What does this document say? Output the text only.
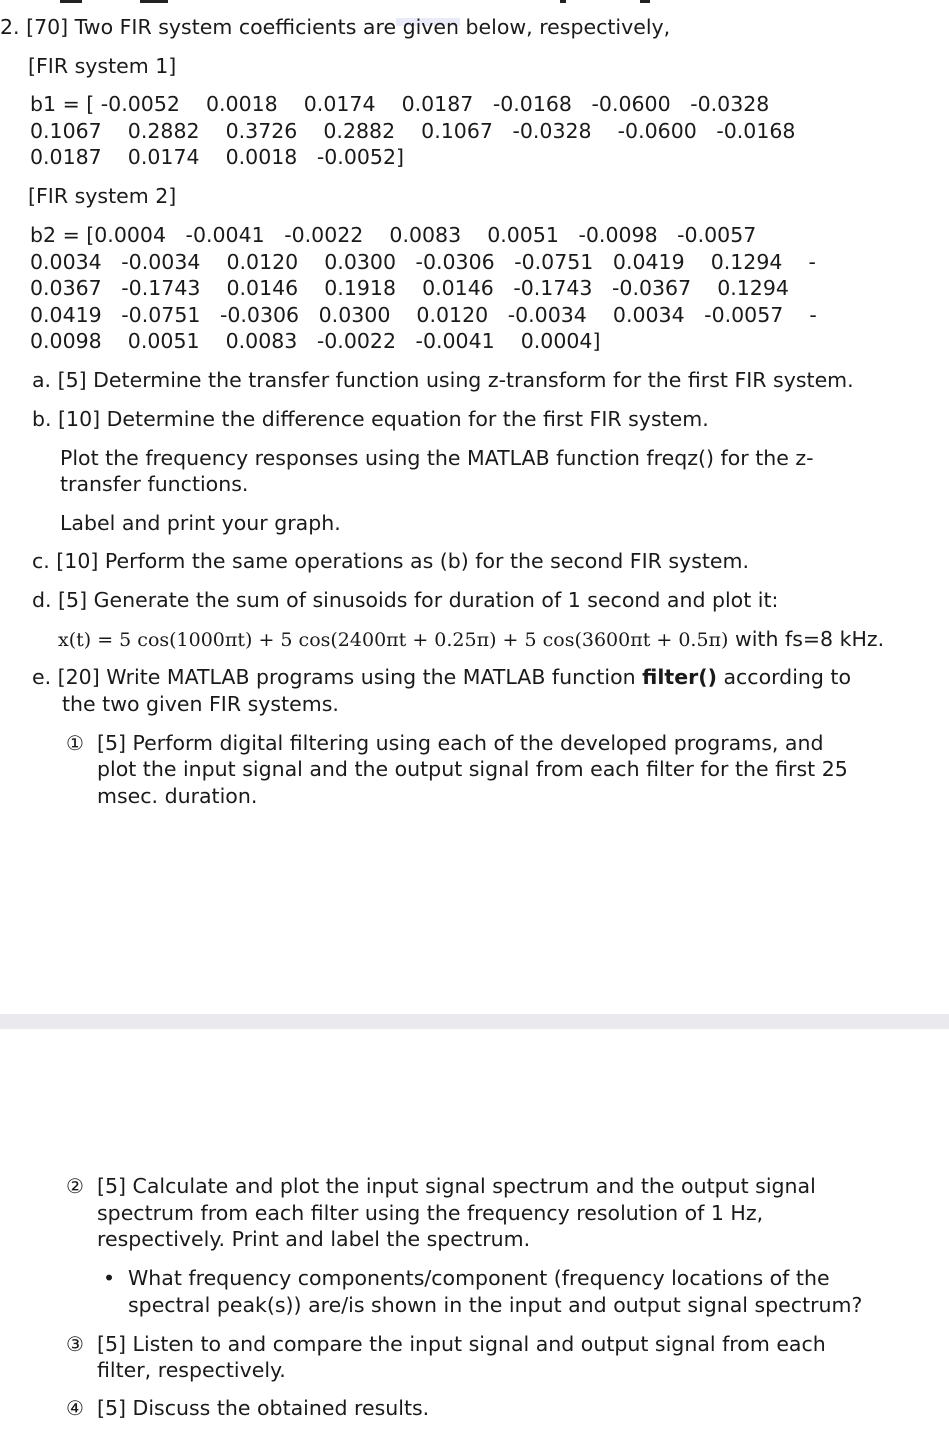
2. [70] Two FIR system coefficients are given below, respectively,
[FIR system 1]
b1 = [ -0.0052    0.0018    0.0174    0.0187   -0.0168   -0.0600   -0.0328
0.1067    0.2882    0.3726    0.2882    0.1067   -0.0328    -0.0600   -0.0168
0.0187    0.0174    0.0018   -0.0052]
[FIR system 2]
b2 = [0.0004   -0.0041   -0.0022    0.0083    0.0051   -0.0098   -0.0057
0.0034   -0.0034    0.0120    0.0300   -0.0306   -0.0751   0.0419    0.1294    -
0.0367   -0.1743    0.0146    0.1918    0.0146   -0.1743   -0.0367    0.1294
0.0419   -0.0751   -0.0306   0.0300    0.0120   -0.0034    0.0034   -0.0057    -
0.0098    0.0051    0.0083   -0.0022   -0.0041    0.0004]
a. [5] Determine the transfer function using z-transform for the first FIR system.
b. [10] Determine the difference equation for the first FIR system.
Plot the frequency responses using the MATLAB function freqz() for the z-
transfer functions.
Label and print your graph.
c. [10] Perform the same operations as (b) for the second FIR system.
d. [5] Generate the sum of sinusoids for duration of 1 second and plot it:
x(t) = 5 cos(1000πt) + 5 cos(2400πt + 0.25π) + 5 cos(3600πt + 0.5π) with fs=8 kHz.
e. [20] Write MATLAB programs using the MATLAB function filter() according to
the two given FIR systems.
① [5] Perform digital filtering using each of the developed programs, and
plot the input signal and the output signal from each filter for the first 25
msec. duration.
② [5] Calculate and plot the input signal spectrum and the output signal
spectrum from each filter using the frequency resolution of 1 Hz,
respectively. Print and label the spectrum.
• What frequency components/component (frequency locations of the
spectral peak(s)) are/is shown in the input and output signal spectrum?
③ [5] Listen to and compare the input signal and output signal from each
filter, respectively.
④ [5] Discuss the obtained results.
